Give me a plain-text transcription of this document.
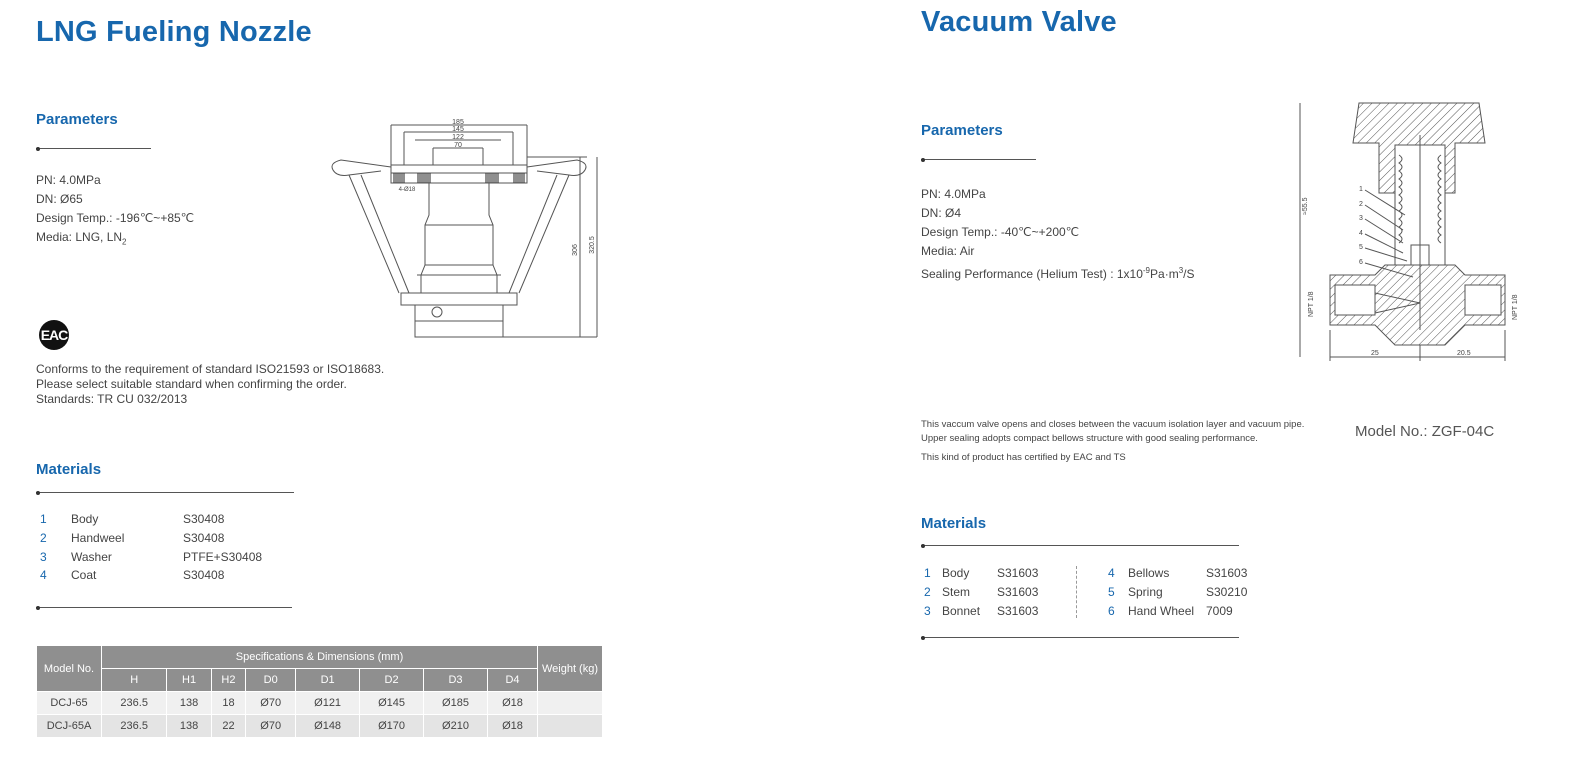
LNG Fueling Nozzle
Parameters
PN: 4.0MPa
DN: Ø65
Design Temp.: -196℃~+85℃
Media: LNG, $LN_2$
EAC
Conforms to the requirement of standard ISO21593 or ISO18683.
Please select suitable standard when confirming the order.
Standards: TR CU 032/2013
Materials
1 Body	S30408
2 Handweel	S30408
3 Washer	PTFE+S30408
4 Coat	S30408
Model No.	Specifications & Dimensions (mm)								Weight (kg)
	H	H1	H2	D0	D1	D2	D3	D4	
DCJ-65	236.5	138	18	Ø70	Ø121	Ø145	Ø185	Ø18	
DCJ-65A	236.5	138	22	Ø70	Ø148	Ø170	Ø210	Ø18	
185
145
122
70
306 320.5
4-Ø18
Vacuum Valve
Parameters
PN: 4.0MPa
DN: Ø4
Design Temp.: -40℃~+200℃
Media: Air
Sealing Performance (Helium Test) : $1x10^{-9}Pa\cdot m^3/S$
1
2
3
4
5
6
≈55.5
NPT 1/8	NPT 1/8
25	20.5
This vaccum valve opens and closes between the vacuum isolation layer and vacuum pipe.
Upper sealing adopts compact bellows structure with good sealing performance.
This kind of product has certified by EAC and TS
Model No.: ZGF-04C
Materials
1 Body S31603
2 Stem S31603
3 Bonnet S31603
4 Bellows	S31603
5 Spring	S30210
6 Hand Wheel 7009
